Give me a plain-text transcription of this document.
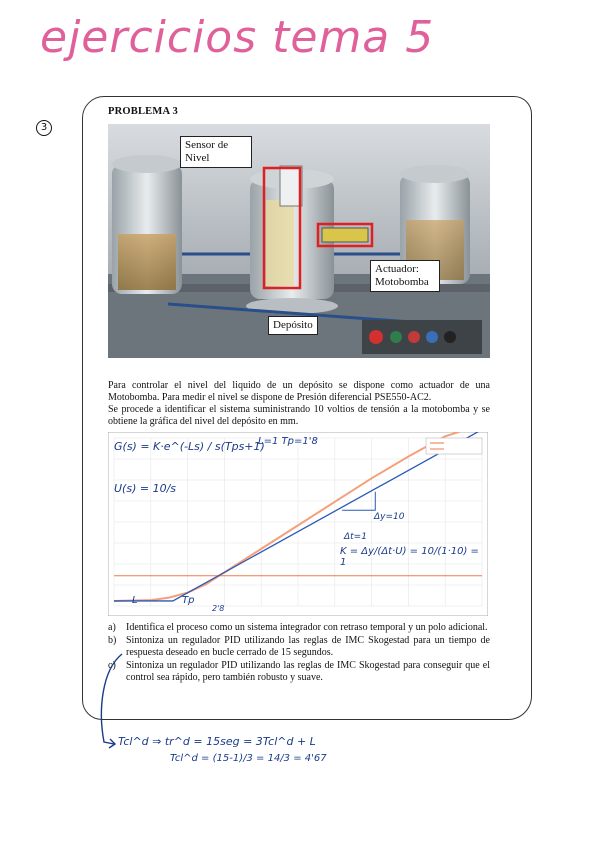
ejercicios tema 5
3
PROBLEMA 3
Sensor de Nivel
Actuador: Motobomba
Depósito

Para controlar el nivel del liquido de un depósito se dispone como actuador de una Motobomba. Para medir el nivel se dispone de Presión diferencial PSE550-AC2.

Se procede a identificar el sistema suministrando 10 voltios de tensión a la motobomba y se obtiene la gráfica del nivel del depósito en mm.

G(s) = K·e^(-Ls) / s(Tps+1)
L=1 Tp=1'8
U(s) = 10/s
Δy=10
Δt=1
K = Δy/(Δt·U) = 10/(1·10) = 1
L	Tp
2'8
a) Identifica el proceso como un sistema integrador con retraso temporal y un polo adicional.
b) Sintoniza un regulador PID utilizando las reglas de IMC Skogestad para un tiempo de respuesta deseado en bucle cerrado de 15 segundos.
c) Sintoniza un regulador PID utilizando las reglas de IMC Skogestad para conseguir que el control sea rápido, pero también robusto y suave.
Tcl^d ⇒ tr^d = 15seg = 3Tcl^d + L
Tcl^d = (15-1)/3 = 14/3 = 4'67
